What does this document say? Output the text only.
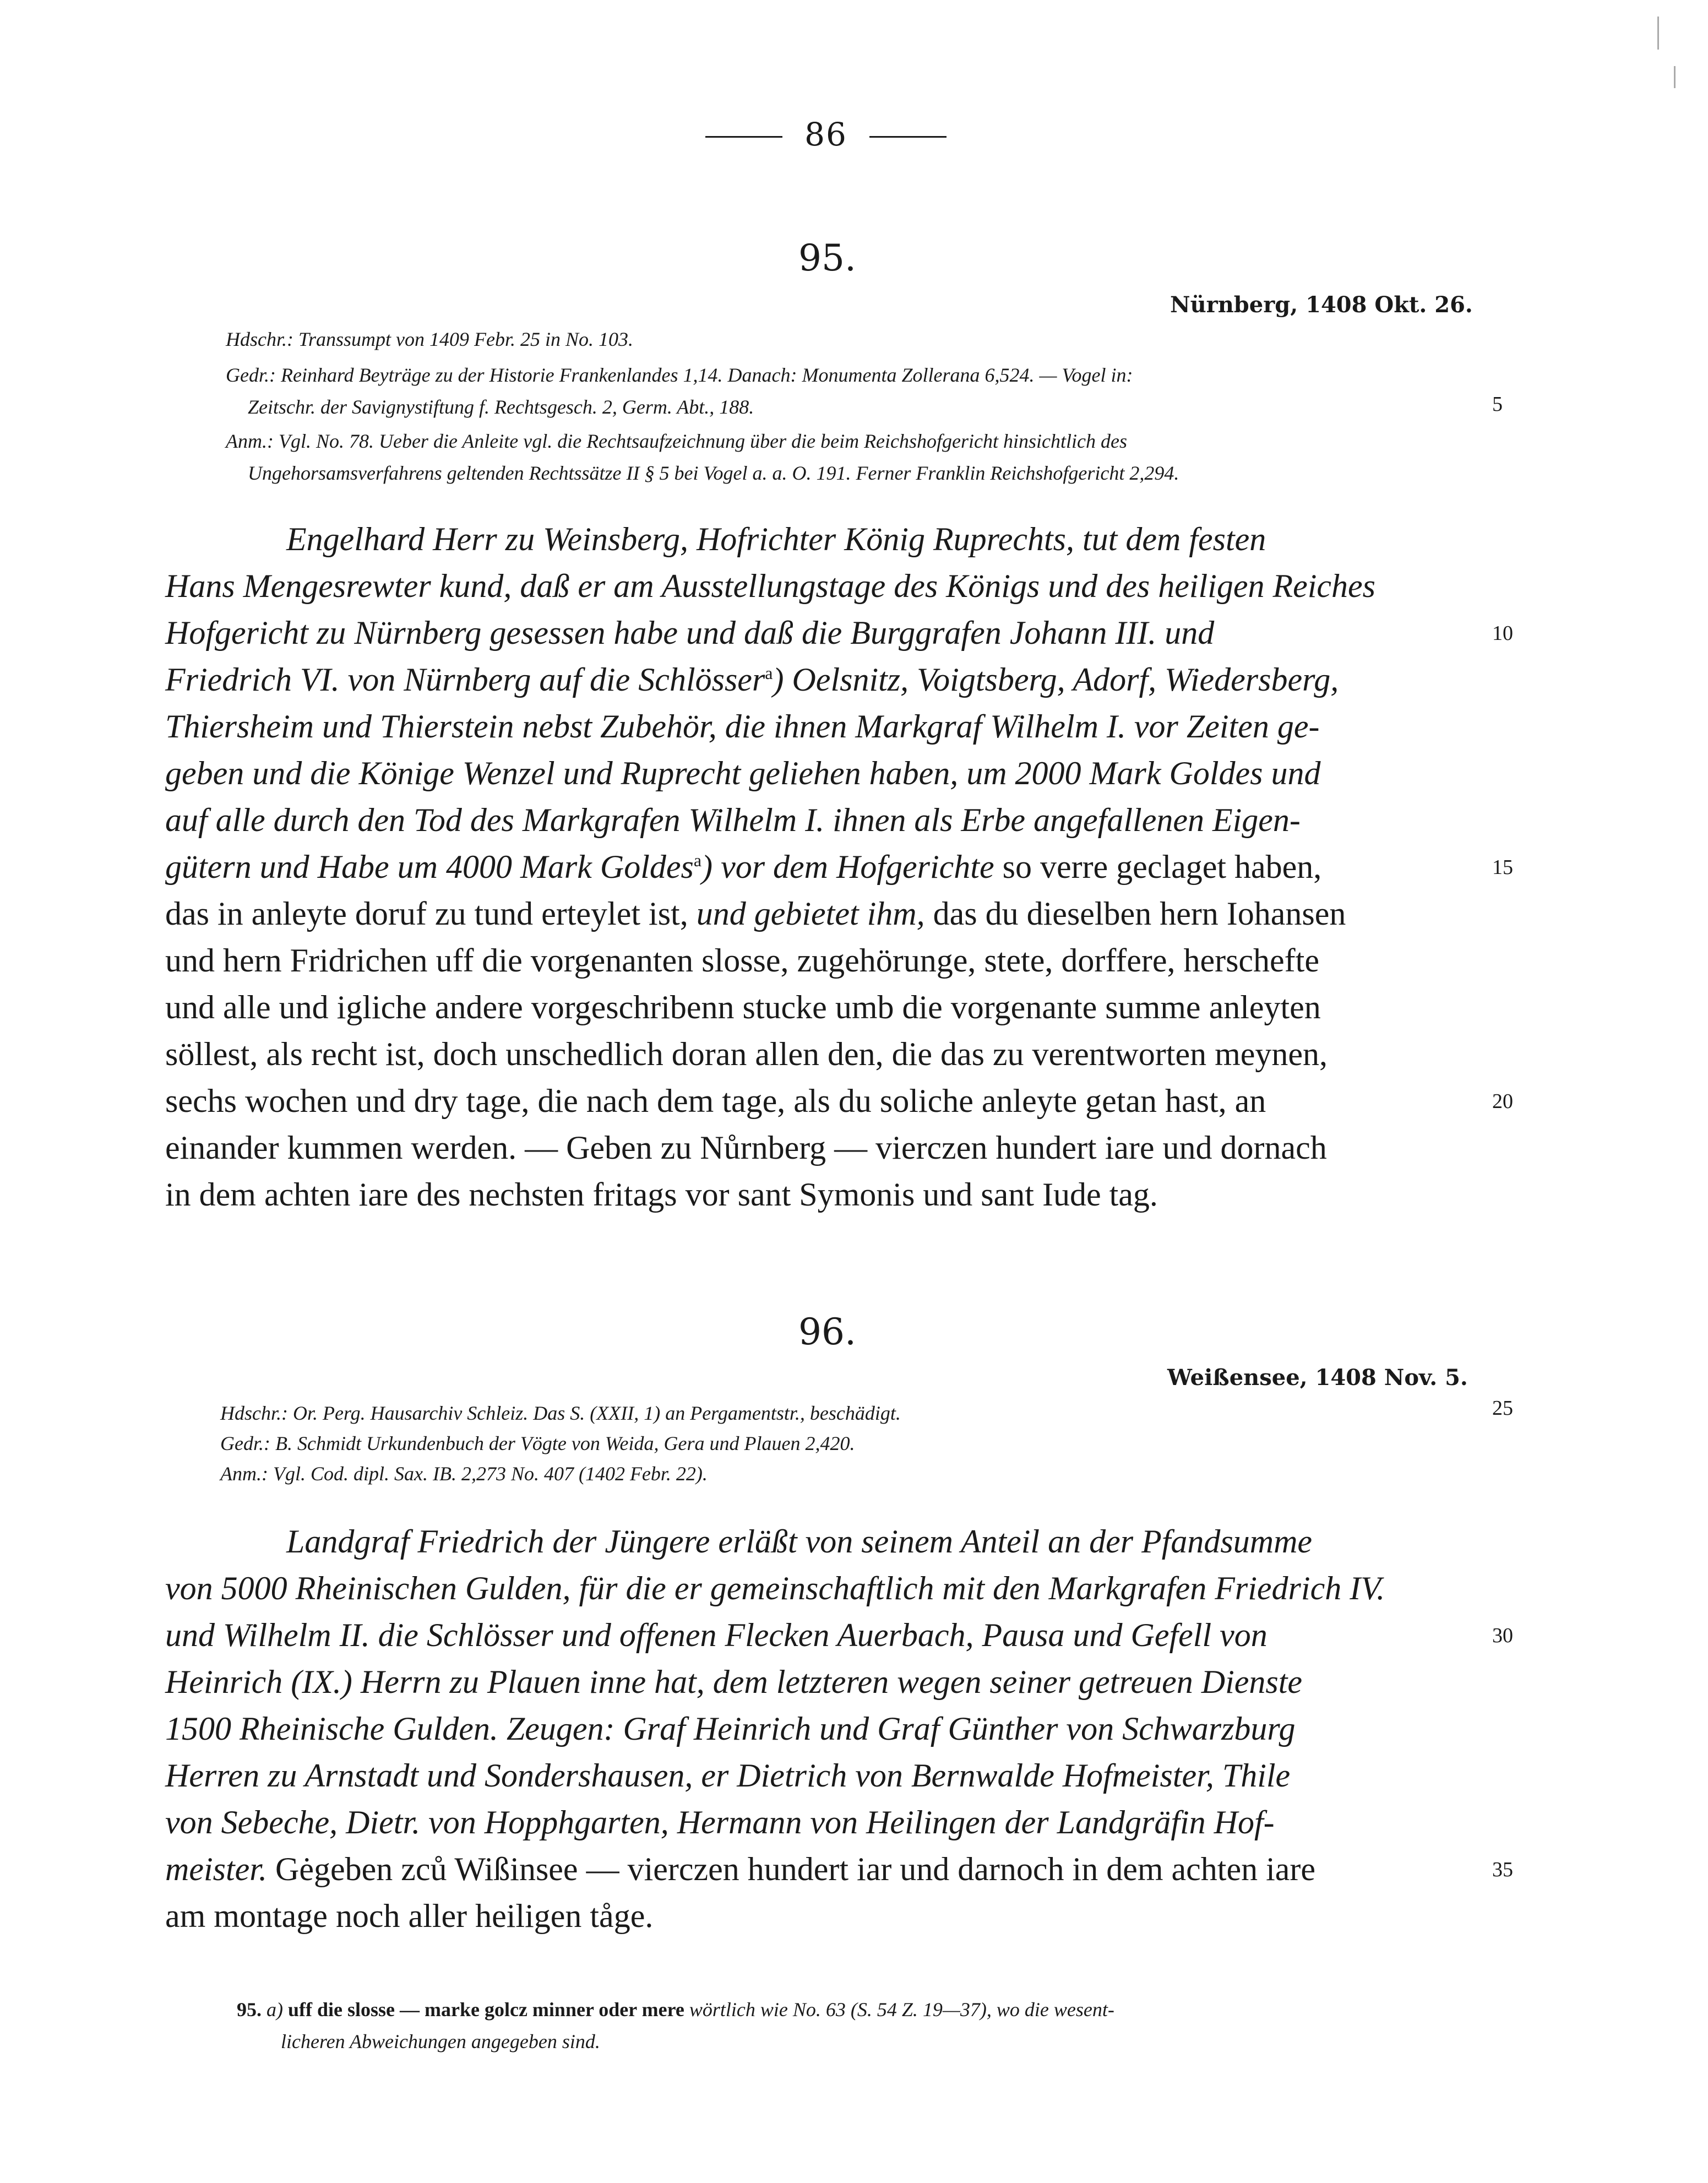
86
95.
Nürnberg, 1408 Okt. 26.
Hdschr.: Transsumpt von 1409 Febr. 25 in No. 103.
Gedr.: Reinhard Beyträge zu der Historie Frankenlandes 1,14. Danach: Monumenta Zollerana 6,524. — Vogel in:
Zeitschr. der Savignystiftung f. Rechtsgesch. 2, Germ. Abt., 188.
Anm.: Vgl. No. 78. Ueber die Anleite vgl. die Rechtsaufzeichnung über die beim Reichshofgericht hinsichtlich des
Ungehorsamsverfahrens geltenden Rechtssätze II § 5 bei Vogel a. a. O. 191. Ferner Franklin Reichshofgericht 2,294.
Engelhard Herr zu Weinsberg, Hofrichter König Ruprechts, tut dem festen
Hans Mengesrewter kund, daß er am Ausstellungstage des Königs und des heiligen Reiches
Hofgericht zu Nürnberg gesessen habe und daß die Burggrafen Johann III. und
Friedrich VI. von Nürnberg auf die Schlösser$^a$) Oelsnitz, Voigtsberg, Adorf, Wiedersberg,
Thiersheim und Thierstein nebst Zubehör, die ihnen Markgraf Wilhelm I. vor Zeiten ge-
geben und die Könige Wenzel und Ruprecht geliehen haben, um 2000 Mark Goldes und
auf alle durch den Tod des Markgrafen Wilhelm I. ihnen als Erbe angefallenen Eigen-
gütern und Habe um 4000 Mark Goldes$^a$) vor dem Hofgerichte so verre geclaget haben,
das in anleyte doruf zu tund erteylet ist, und gebietet ihm, das du dieselben hern Iohansen
und hern Fridrichen uff die vorgenanten slosse, zugehörunge, stete, dorffere, herschefte
und alle und igliche andere vorgeschribenn stucke umb die vorgenante summe anleyten
söllest, als recht ist, doch unschedlich doran allen den, die das zu verentworten meynen,
sechs wochen und dry tage, die nach dem tage, als du soliche anleyte getan hast, an
einander kummen werden. — Geben zu Nůrnberg — vierczen hundert iare und dornach
in dem achten iare des nechsten fritags vor sant Symonis und sant Iude tag.
96.
Weißensee, 1408 Nov. 5.
Hdschr.: Or. Perg. Hausarchiv Schleiz. Das S. (XXII, 1) an Pergamentstr., beschädigt.
Gedr.: B. Schmidt Urkundenbuch der Vögte von Weida, Gera und Plauen 2,420.
Anm.: Vgl. Cod. dipl. Sax. IB. 2,273 No. 407 (1402 Febr. 22).
Landgraf Friedrich der Jüngere erläßt von seinem Anteil an der Pfandsumme
von 5000 Rheinischen Gulden, für die er gemeinschaftlich mit den Markgrafen Friedrich IV.
und Wilhelm II. die Schlösser und offenen Flecken Auerbach, Pausa und Gefell von
Heinrich (IX.) Herrn zu Plauen inne hat, dem letzteren wegen seiner getreuen Dienste
1500 Rheinische Gulden. Zeugen: Graf Heinrich und Graf Günther von Schwarzburg
Herren zu Arnstadt und Sondershausen, er Dietrich von Bernwalde Hofmeister, Thile
von Sebeche, Dietr. von Hopphgarten, Hermann von Heilingen der Landgräfin Hof-
meister. Gėgeben zců Wißinsee — vierczen hundert iar und darnoch in dem achten iare
am montage noch aller heiligen tåge.
5
10
15
20
25
30
35
95. a) uff die slosse — marke golcz minner oder mere wörtlich wie No. 63 (S. 54 Z. 19—37), wo die wesent-
licheren Abweichungen angegeben sind.
